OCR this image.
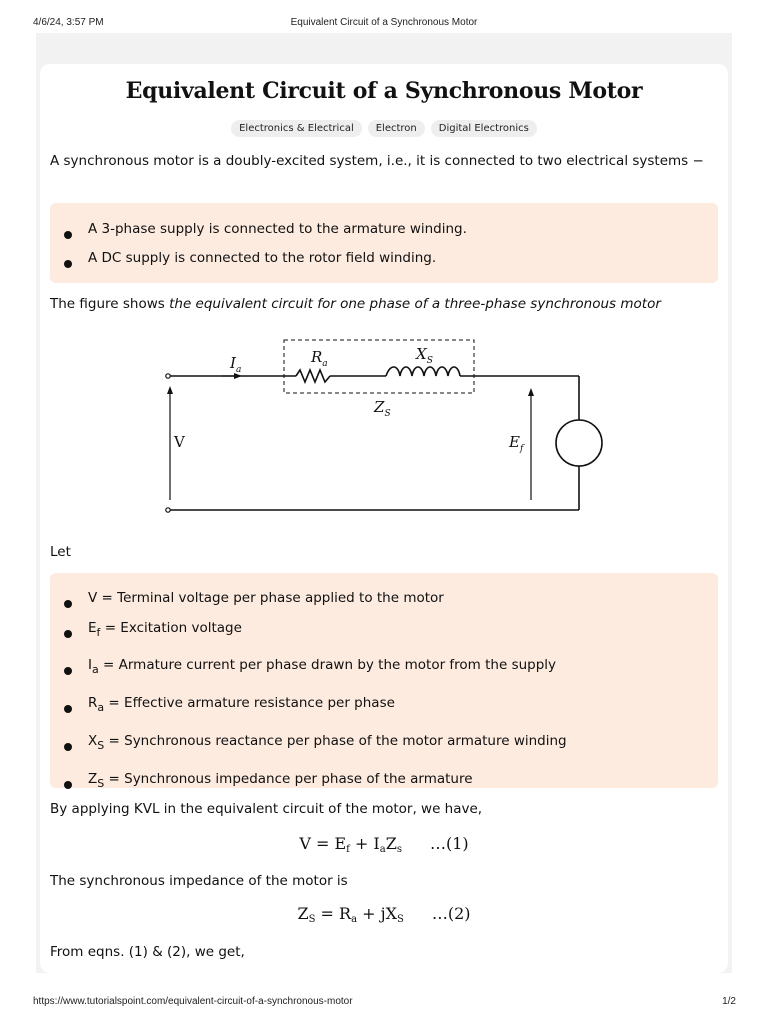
4/6/24, 3:57 PM	Equivalent Circuit of a Synchronous Motor
Equivalent Circuit of a Synchronous Motor
Electronics & Electrical Electron Digital Electronics

A synchronous motor is a doubly-excited system, i.e., it is connected to two electrical systems −

A 3-phase supply is connected to the armature winding.
A DC supply is connected to the rotor field winding.

The figure shows the equivalent circuit for one phase of a three-phase synchronous motor

$I_a$
$R_a$
$X_S$
$Z_S$
V	$E_f$

Let

V = Terminal voltage per phase applied to the motor
$E_f$ = Excitation voltage
$I_a$ = Armature current per phase drawn by the motor from the supply
$R_a$ = Effective armature resistance per phase
$X_S$ = Synchronous reactance per phase of the motor armature winding
$Z_S$ = Synchronous impedance per phase of the armature

By applying KVL in the equivalent circuit of the motor, we have,

V = Ef + IaZs …(1)

The synchronous impedance of the motor is

ZS = Ra + jXS …(2)

From eqns. (1) & (2), we get,

https://www.tutorialspoint.com/equivalent-circuit-of-a-synchronous-motor	1/2
